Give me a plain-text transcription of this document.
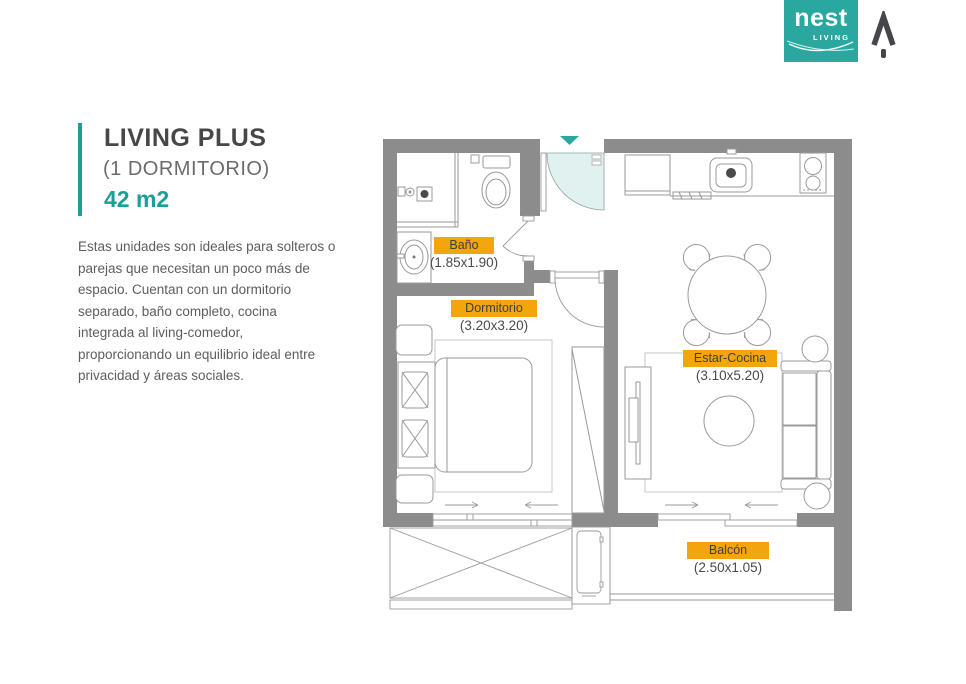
nest
LIVING
LIVING PLUS
(1 DORMITORIO)
42 m2
Estas unidades son ideales para solteros o parejas que necesitan un poco más de espacio. Cuentan con un dormitorio separado, baño completo, cocina integrada al living-comedor, proporcionando un equilibrio ideal entre privacidad y áreas sociales.
Baño
(1.85x1.90)
Dormitorio
(3.20x3.20)
Estar-Cocina
(3.10x5.20)
Balcón
(2.50x1.05)
